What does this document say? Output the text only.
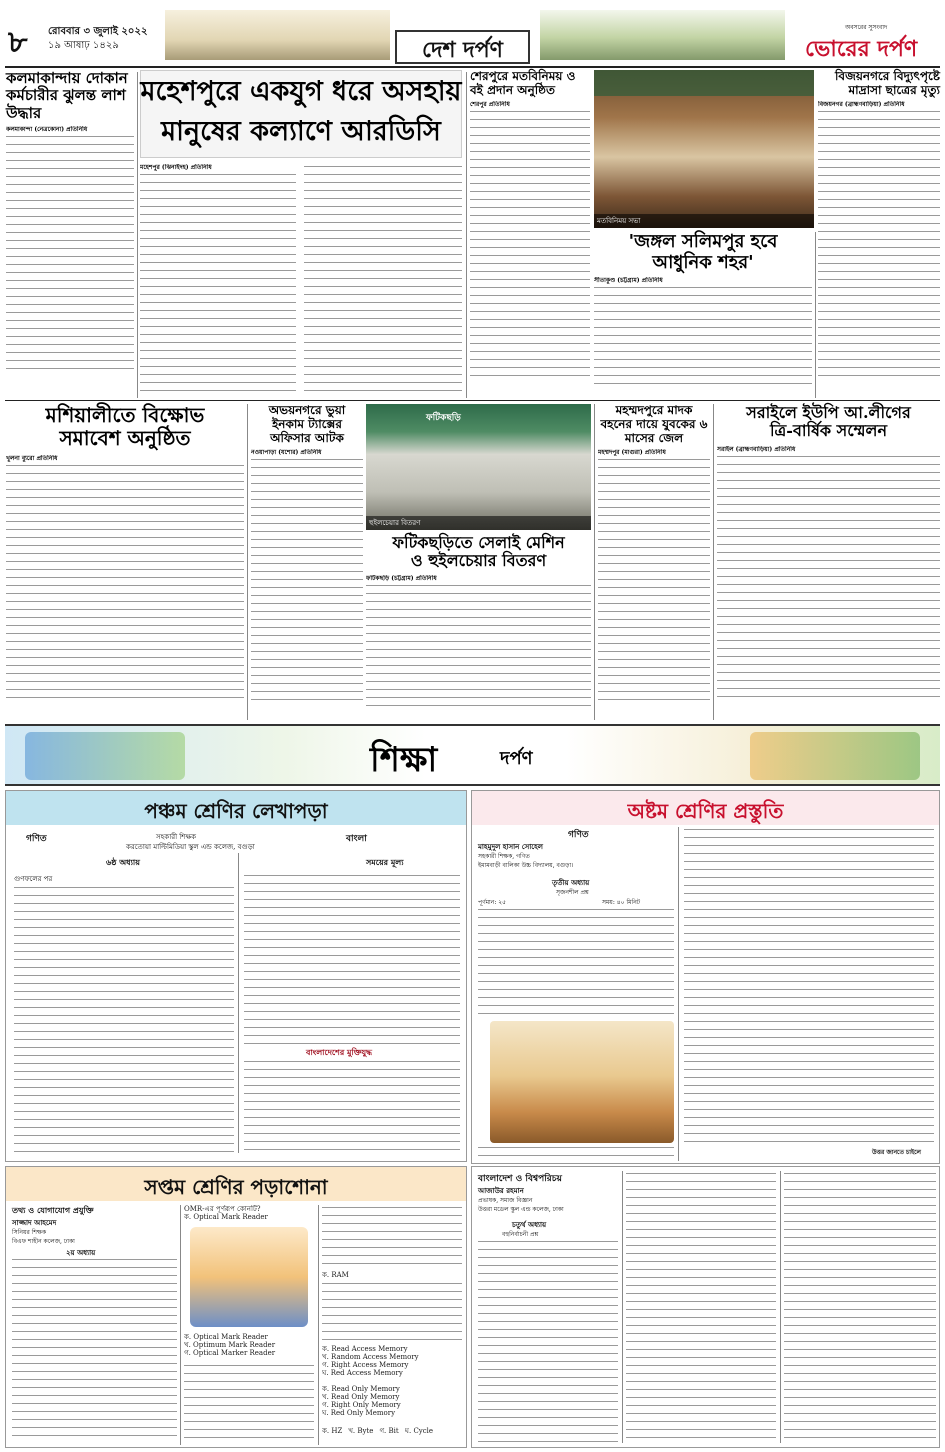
৮ রোববার ৩ জুলাই ২০২২
১৯ আষাঢ় ১৪২৯	দেশ দর্পণ
অবসরের সুসংবাদ
ভোরের দর্পণ
কলমাকান্দায় দোকান কর্মচারীর ঝুলন্ত লাশ উদ্ধার
কলমাকান্দা (নেত্রকোনা) প্রতিনিধি
মহেশপুরে একযুগ ধরে অসহায়
মানুষের কল্যাণে আরডিসি
মহেশপুর (ঝিনাইদহ) প্রতিনিধি
শেরপুরে মতবিনিময় ও বই প্রদান অনুষ্ঠিত
শেরপুর প্রতিনিধি
মতবিনিময় সভা
বিজয়নগরে বিদ্যুৎপৃষ্টে মাদ্রাসা ছাত্রের মৃত্যু
বিজয়নগর (ব্রাহ্মণবাড়িয়া) প্রতিনিধি
'জঙ্গল সলিমপুর হবে
আধুনিক শহর'
সীতাকুণ্ড (চট্টগ্রাম) প্রতিনিধি
মশিয়ালীতে বিক্ষোভ
সমাবেশ অনুষ্ঠিত
খুলনা ব্যুরো প্রতিনিধি
অভয়নগরে ভুয়া ইনকাম ট্যাক্সের অফিসার আটক
নওয়াপাড়া (যশোর) প্রতিনিধি
ফটিকছড়ি
হুইলচেয়ার বিতরণ
ফটিকছড়িতে সেলাই মেশিন
ও হুইলচেয়ার বিতরণ
ফটিকছড়ি (চট্টগ্রাম) প্রতিনিধি
মহম্মদপুরে মাদক বহনের দায়ে যুবকের ৬ মাসের জেল
মহম্মদপুর (মাগুরা) প্রতিনিধি
সরাইলে ইউপি আ.লীগের
ত্রি-বার্ষিক সম্মেলন
সরাইল (ব্রাহ্মণবাড়িয়া) প্রতিনিধি
শিক্ষা	দর্পণ
পঞ্চম শ্রেণির লেখাপড়া
গণিত	সহকারী শিক্ষক
করতোয়া মাল্টিমিডিয়া স্কুল এন্ড কলেজ, বগুড়া
বাংলা
৬ষ্ঠ অধ্যায়	সময়ের মূল্য
গুণফলের পর
বাংলাদেশের মুক্তিযুদ্ধ
অষ্টম শ্রেণির প্রস্তুতি
গণিত
মাহমুদুল হাসান সোহেল
সহকারী শিক্ষক, গণিত
ইমামবাড়ী বালিকা উচ্চ বিদ্যালয়, বগুড়া।
তৃতীয় অধ্যায়
সৃজনশীল প্রশ্ন
পূর্ণমান: ২৫	সময়: ৪০ মিনিট
উত্তর জানতে চাইলে
সপ্তম শ্রেণির পড়াশোনা
তথ্য ও যোগাযোগ প্রযুক্তি
সাজ্জাদ আহমেদ
সিনিয়র শিক্ষক
বিএফ শাহীন কলেজ, ঢাকা
২য় অধ্যায়
OMR-এর পূর্ণরূপ কোনটি?
ক. Optical Mark Reader
ক. Optical Mark Reader
খ. Optimum Mark Reader
গ. Optical Marker Reader
ক. RAM
ক. Read Access Memory
খ. Random Access Memory
গ. Right Access Memory
ঘ. Red Access Memory
ক. Read Only Memory
খ. Read Only Memory
গ. Right Only Memory
ঘ. Red Only Memory
ক. HZ খ. Byte গ. Bit ঘ. Cycle
বাংলাদেশ ও বিশ্বপরিচয়
আজাউর রহমান
প্রভাষক, সমাজ বিজ্ঞান
উত্তরা মডেল স্কুল এন্ড কলেজ, ঢাকা
চতুর্থ অধ্যায়
বহুনির্বাচনী প্রশ্ন
